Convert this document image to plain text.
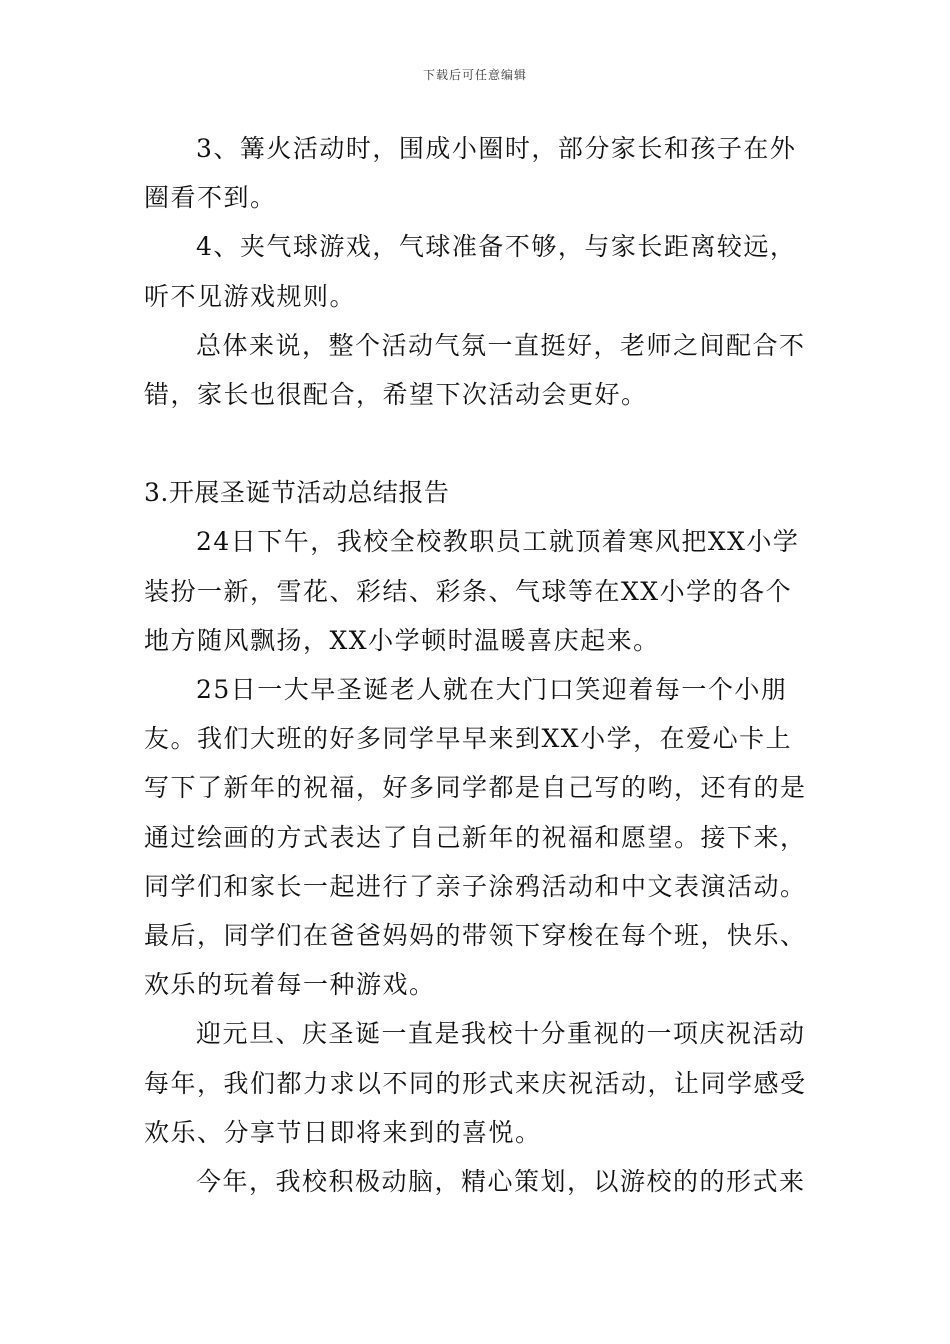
下载后可任意编辑

3、篝火活动时，围成小圈时，部分家长和孩子在外圈看不到。

4、夹气球游戏，气球准备不够，与家长距离较远，听不见游戏规则。

总体来说，整个活动气氛一直挺好，老师之间配合不错，家长也很配合，希望下次活动会更好。

3.开展圣诞节活动总结报告

24日下午，我校全校教职员工就顶着寒风把XX小学装扮一新，雪花、彩结、彩条、气球等在XX小学的各个地方随风飘扬，XX小学顿时温暖喜庆起来。

25日一大早圣诞老人就在大门口笑迎着每一个小朋友。我们大班的好多同学早早来到XX小学，在爱心卡上写下了新年的祝福，好多同学都是自己写的哟，还有的是通过绘画的方式表达了自己新年的祝福和愿望。接下来，同学们和家长一起进行了亲子涂鸦活动和中文表演活动。最后，同学们在爸爸妈妈的带领下穿梭在每个班，快乐、欢乐的玩着每一种游戏。

迎元旦、庆圣诞一直是我校十分重视的一项庆祝活动每年，我们都力求以不同的形式来庆祝活动，让同学感受欢乐、分享节日即将来到的喜悦。

今年，我校积极动脑，精心策划，以游校的的形式来
